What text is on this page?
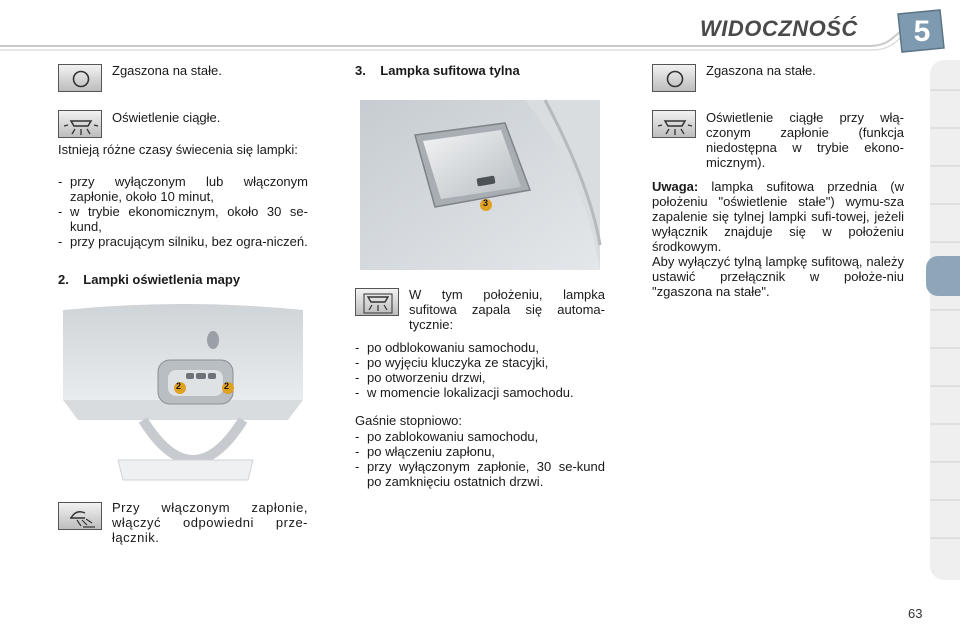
WIDOCZNOŚĆ 5
Zgaszona na stałe.
Oświetlenie ciągłe.
Istnieją różne czasy świecenia się lampki:
- przy wyłączonym lub włączonym zapłonie, około 10 minut,
- w trybie ekonomicznym, około 30 se-kund,
- przy pracującym silniku, bez ogra-niczeń.
2.    Lampki oświetlenia mapy
2	2
Przy włączonym zapłonie, włączyć odpowiedni prze-łącznik.
3.    Lampka sufitowa tylna
3
W tym położeniu, lampka sufitowa zapala się automa-tycznie:
- po odblokowaniu samochodu,
- po wyjęciu kluczyka ze stacyjki,
- po otworzeniu drzwi,
- w momencie lokalizacji samochodu.
Gaśnie stopniowo:
- po zablokowaniu samochodu,
- po włączeniu zapłonu,
- przy wyłączonym zapłonie, 30 se-kund po zamknięciu ostatnich drzwi.
Zgaszona na stałe.
Oświetlenie ciągłe przy włą-czonym zapłonie (funkcja niedostępna w trybie ekono-micznym).
Uwaga: lampka sufitowa przednia (w położeniu "oświetlenie stałe") wymu-sza zapalenie się tylnej lampki sufi-towej, jeżeli wyłącznik znajduje się w położeniu środkowym.
Aby wyłączyć tylną lampkę sufitową, należy ustawić przełącznik w położe-niu "zgaszona na stałe".
63
